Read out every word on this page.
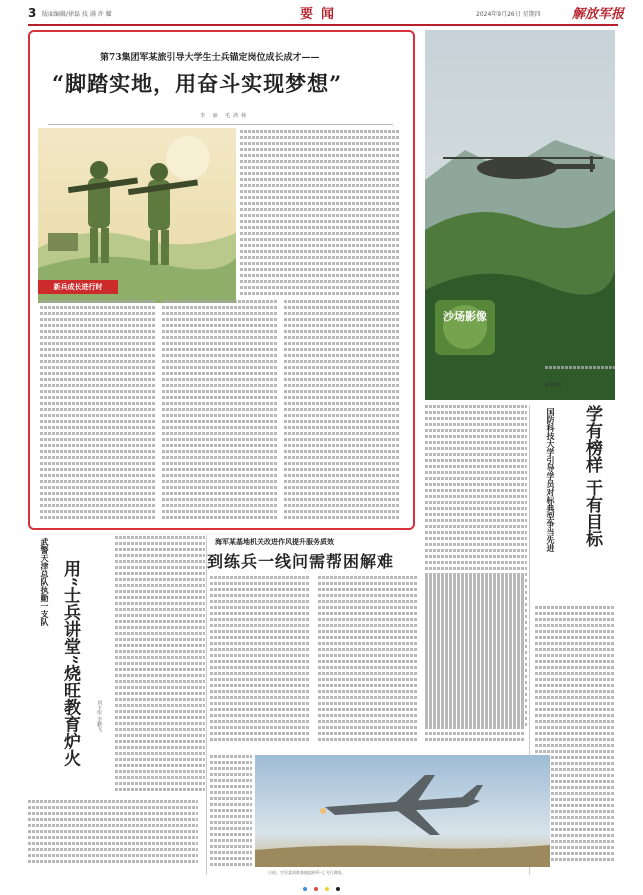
3 版面编辑/徐磊 技 满 许 耀	要闻	2024年9月26日 星期四 解放军报
第73集团军某旅引导大学生士兵锚定岗位成长成才——
“脚踏实地，用奋斗实现梦想”
李 丽 毛鸿杨
新兵成长进行时
沙场影像
赵建得摄
学有榜样 干有目标
国防科技大学引导学员对标典型争当先进
用“士兵讲堂”烧旺教育炉火
武警天津总队执勤一支队
刘卞彤 李鹏飞
海军某基地机关改进作风提升服务质效
到练兵一线问需帮困解难
日前，空军某训练基地组织歼-七飞行训练。
